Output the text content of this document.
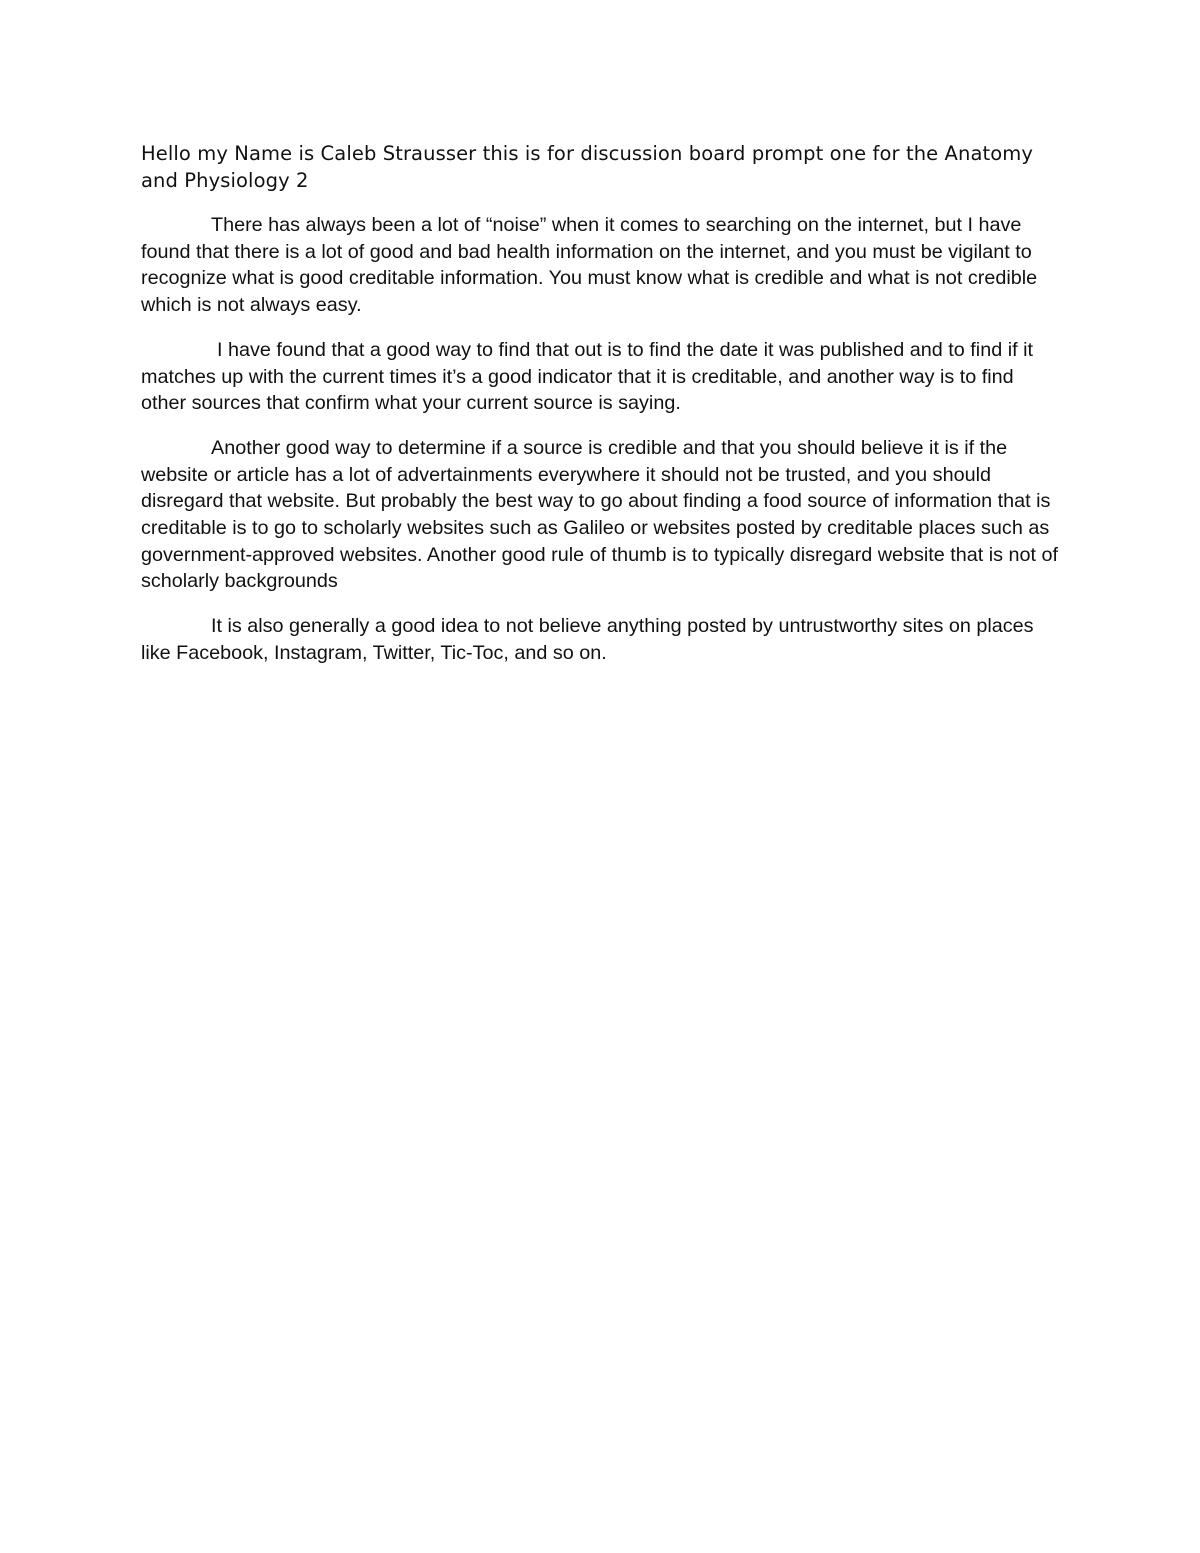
Hello my Name is Caleb Strausser this is for discussion board prompt one for the Anatomy and Physiology 2

There has always been a lot of “noise” when it comes to searching on the internet, but I have found that there is a lot of good and bad health information on the internet, and you must be vigilant to recognize what is good creditable information. You must know what is credible and what is not credible which is not always easy.

I have found that a good way to find that out is to find the date it was published and to find if it matches up with the current times it’s a good indicator that it is creditable, and another way is to find other sources that confirm what your current source is saying.

Another good way to determine if a source is credible and that you should believe it is if the website or article has a lot of advertainments everywhere it should not be trusted, and you should disregard that website. But probably the best way to go about finding a food source of information that is creditable is to go to scholarly websites such as Galileo or websites posted by creditable places such as government-approved websites. Another good rule of thumb is to typically disregard website that is not of scholarly backgrounds

It is also generally a good idea to not believe anything posted by untrustworthy sites on places like Facebook, Instagram, Twitter, Tic-Toc, and so on.
